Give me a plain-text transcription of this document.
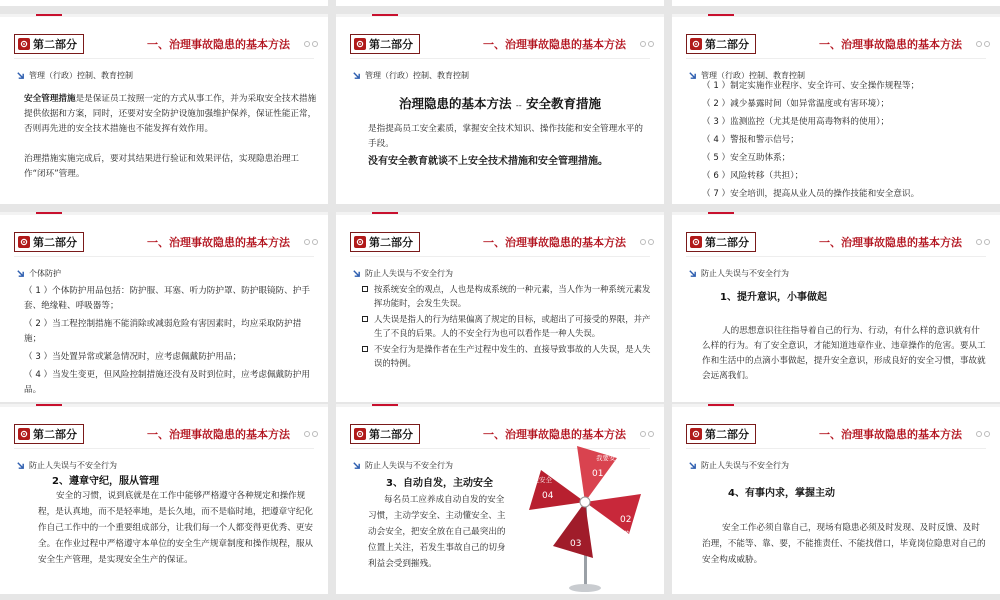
第二部分	一、治理事故隐患的基本方法
管理（行政）控制、教育控制
安全管理措施是是保证员工按照一定的方式从事工作，并为采取安全技术措施提供依据和方案，同时，还要对安全防护设施加强维护保养，保证性能正常，否则再先进的安全技术措施也不能发挥有效作用。
治理措施实施完成后，要对其结果进行验证和效果评估，实现隐患治理工作“闭环”管理。
第二部分	一、治理事故隐患的基本方法
管理（行政）控制、教育控制
治理隐患的基本方法 -- 安全教育措施
是指提高员工安全素质，掌握安全技术知识、操作技能和安全管理水平的手段。
没有安全教育就谈不上安全技术措施和安全管理措施。
第二部分	一、治理事故隐患的基本方法
管理（行政）控制、教育控制
（ 1 ）制定实施作业程序、安全许可、安全操作规程等；
（ 2 ）减少暴露时间（如异常温度或有害环境）；
（ 3 ）监测监控（尤其是使用高毒物料的使用）；
（ 4 ）警报和警示信号；
（ 5 ）安全互助体系；
（ 6 ）风险转移（共担）；
（ 7 ）安全培训，提高从业人员的操作技能和安全意识。
第二部分	一、治理事故隐患的基本方法
个体防护
（ 1 ）个体防护用品包括：防护服、耳塞、听力防护罩、防护眼镜防、护手套、绝缘鞋、呼吸器等；
（ 2 ）当工程控制措施不能消除或减弱危险有害因素时，均应采取防护措施；
（ 3 ）当处置异常或紧急情况时，应考虑佩戴防护用品；
（ 4 ）当发生变更，但风险控制措施还没有及时到位时，应考虑佩戴防护用品。
第二部分	一、治理事故隐患的基本方法
防止人失误与不安全行为
按系统安全的观点，人也是构成系统的一种元素，当人作为一种系统元素发挥功能时，会发生失误。
人失误是指人的行为结果偏离了规定的目标，或超出了可接受的界限，并产生了不良的后果。人的不安全行为也可以看作是一种人失误。
不安全行为是操作者在生产过程中发生的、直接导致事故的人失误，是人失误的特例。
第二部分	一、治理事故隐患的基本方法
防止人失误与不安全行为
1、提升意识，小事做起
人的思想意识往往指导着自己的行为、行动，有什么样的意识就有什么样的行为。有了安全意识，才能知道违章作业、违章操作的危害。要从工作和生活中的点滴小事做起，提升安全意识，形成良好的安全习惯，事故就会远离我们。
第二部分	一、治理事故隐患的基本方法
防止人失误与不安全行为
2、遵章守纪，服从管理
安全的习惯，说到底就是在工作中能够严格遵守各种规定和操作规程，是认真地，而不是轻率地，是长久地，而不是临时地，把遵章守纪化作自己工作中的一个重要组成部分，让我们每一个人都变得更优秀、更安全。在作业过程中严格遵守本单位的安全生产规章制度和操作规程，服从安全生产管理，是实现安全生产的保证。
第二部分	一、治理事故隐患的基本方法
防止人失误与不安全行为
3、自动自发，主动安全
每名员工应养成自动自发的安全习惯，主动学安全、主动懂安全、主动会安全，把安全放在自己最突出的位置上关注，若发生事故自己的切身利益会受到摧残。
01
02
03
04
我要安全
我懂安全
我会安全
我能安全
第二部分	一、治理事故隐患的基本方法
防止人失误与不安全行为
4、有事内求，掌握主动
安全工作必须自靠自己，现场有隐患必须及时发现、及时反馈、及时治理，不能等、靠、要，不能推责任、不能找借口，毕竟岗位隐患对自己的安全构成威胁。
